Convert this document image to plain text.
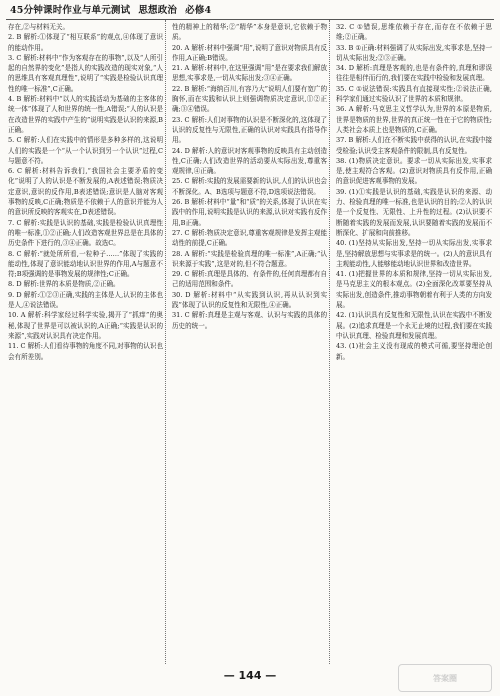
45分钟课时作业与单元测试 思想政治 必修4

存在,②与材料无关。

2. B 解析:①体现了“相互联系”的观点,④体现了意识的能动作用。

3. C 解析:材料中“作为客观存在的事物”,以及“人所引起的自然界的变化”是指人的实践改造的现实对象,“人的思维具有客观真理性”,说明了“实践是检验认识真理性的唯一标准”,C正确。

4. B 解析:材料中“以人的实践活动为基础的主客体的统一体”体现了人和世界的统一性,A错误;“人的认识是在改造世界的实践中产生的”说明实践是认识的来源,B正确。

5. C 解析:人们在实践中的情形是多种多样的,这说明人们的实践是一个“从一个认识到另一个认识”过程,C与题意不符。

6. C 解析:材料告诉我们,“我国社会主要矛盾的变化”说明了人的认识是不断发展的,A表述错误;物质决定意识,意识的反作用,B表述错误;意识是人脑对客观事物的反映,C正确;物质是不依赖于人的意识并能为人的意识所反映的客观实在,D表述错误。

7. C 解析:实践是认识的基础,实践是检验认识真理性的唯一标准,①②正确;人们改造客观世界总是在具体的历史条件下进行的,③④正确。故选C。

8. C 解析:“就处所所看,一粒种子……”体现了实践的能动性,体现了意识能动地认识世界的作用,A与题意不符;B项强调的是事物发展的规律性;C正确。

8. D 解析:世界的本质是物质,②正确。

9. D 解析:①②③正确,实践的主体是人,认识的主体也是人,④说法错误。

10. A 解析:科学家经过科学实验,揭开了“抓痒”的奥秘,体现了世界是可以被认识的,A正确;“实践是认识的来源”,实践对认识具有决定作用。

11. C 解析:人们看待事物的角度不同,对事物的认识也会有所差别。

性的精神上的精华;②“精华”本身是意识,它依赖于物质。

20. A 解析:材料中强调“用”,说明了意识对物质具有反作用,A正确;B错误。

21. A 解析:材料中,在这里强调“用”是在要求我们解放思想,实事求是,一切从实际出发;③④正确。

22. B 解析:“海纳百川,有容乃大”说明人们要有宽广的胸怀,而在实践和认识上则强调物质决定意识,①②正确;③④错误。

23. C 解析:人们对事物的认识是不断深化的,这体现了认识的反复性与无限性,正确的认识对实践具有指导作用。

24. D 解析:人的意识对客观事物的反映具有主动创造性,C正确;人们改造世界的活动要从实际出发,尊重客观规律,④正确。

25. C 解析:实践的发展需要新的认识,人们的认识也会不断深化。A、B选项与题意不符,D选项说法错误。

26. B 解析:材料中“量”和“质”的关系,体现了认识在实践中的作用,说明实践是认识的来源,认识对实践有反作用,B正确。

27. C 解析:物质决定意识,尊重客观规律是发挥主观能动性的前提,C正确。

28. A 解析:“实践是检验真理的唯一标准”,A正确;“认识来源于实践”,这是对的,但不符合题意。

29. C 解析:真理是具体的、有条件的,任何真理都有自己的适用范围和条件。

30. D 解析:材料中“从实践到认识,再从认识到实践”体现了认识的反复性和无限性,④正确。

31. C 解析:真理是主观与客观、认识与实践的具体的历史的统一。

32. C ①错误,思维依赖于存在,而存在不依赖于思维;②正确。

33. B ①正确:材料强调了从实际出发,实事求是,坚持一切从实际出发;②③正确。

34. D 解析:真理是客观的,也是有条件的,真理和谬误往往是相伴而行的,我们要在实践中检验和发展真理。

35. C ①说法错误:实践具有直接现实性;②说法正确,科学家们通过实验认识了世界的本质和规律。

36. A 解析:马克思主义哲学认为,世界的本原是物质,世界是物质的世界,世界的真正统一性在于它的物质性;人类社会本质上也是物质的,C正确。

37. B 解析:人们在不断实践中获得的认识,在实践中接受检验;认识受主客观条件的限制,具有反复性。

38. (1)物质决定意识。要求一切从实际出发,实事求是,使主观符合客观。(2)意识对物质具有反作用,正确的意识促进客观事物的发展。

39. (1)①实践是认识的基础,实践是认识的来源、动力、检验真理的唯一标准,也是认识的目的;②人的认识是一个反复性、无限性、上升性的过程。(2)认识要不断随着实践的发展而发展,认识要随着实践的发展而不断深化、扩展和向前推移。

40. (1)坚持从实际出发,坚持一切从实际出发,实事求是,坚持解放思想与实事求是的统一。(2)人的意识具有主观能动性,人能够能动地认识世界和改造世界。

41. (1)把握世界的本质和规律,坚持一切从实际出发,是马克思主义的根本观点。(2)全面深化改革要坚持从实际出发,创造条件,推动事物朝着有利于人类的方向发展。

42. (1)认识具有反复性和无限性,认识在实践中不断发展。(2)追求真理是一个永无止境的过程,我们要在实践中认识真理、检验真理和发展真理。

43. (1)社会主义没有现成的模式可循,要坚持理论创新。

— 144 —	答案圈
